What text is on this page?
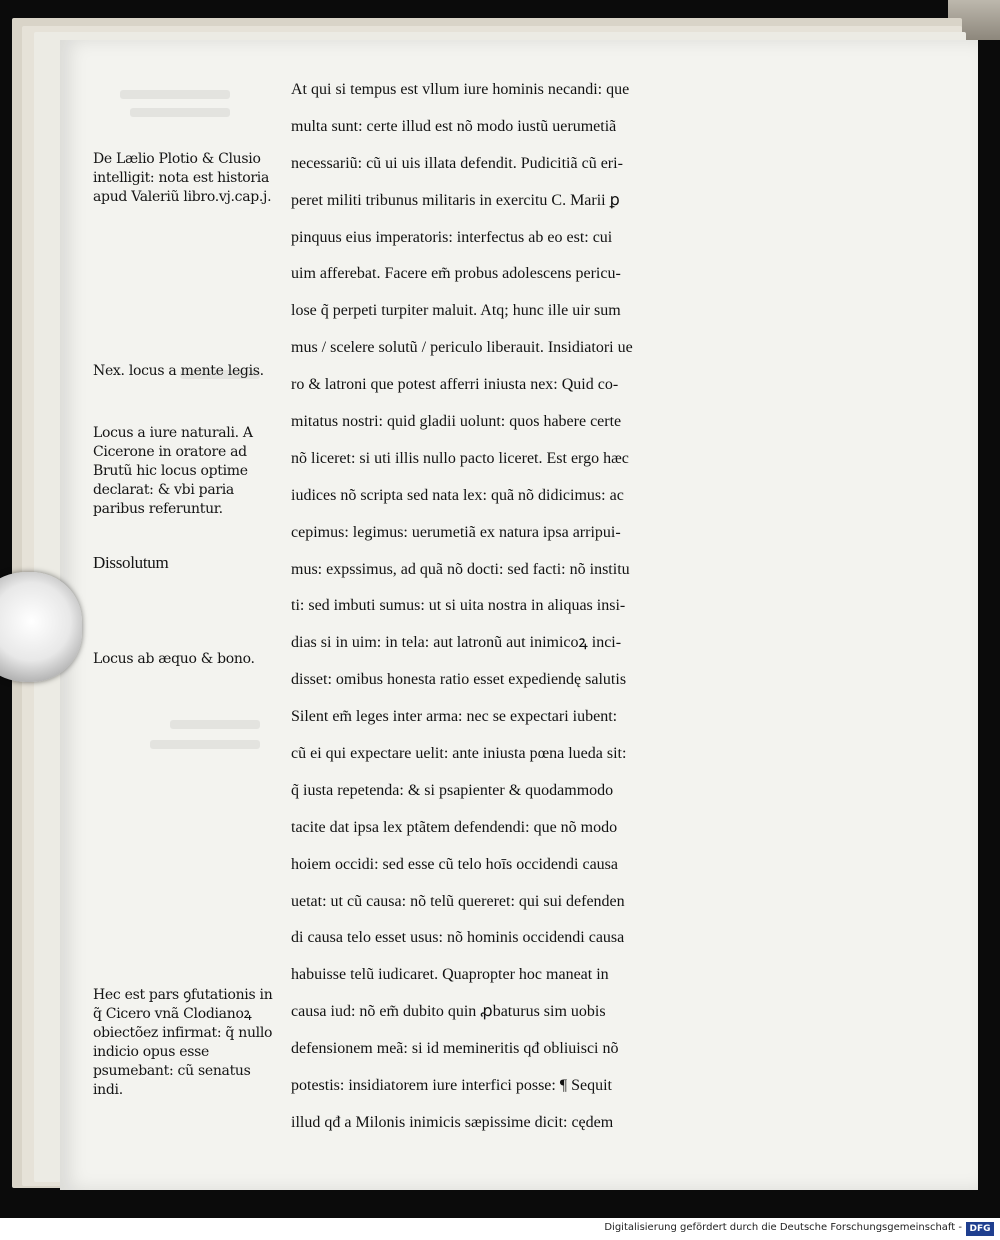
De Lælio Plotio & Clusio intelligit: nota est historia apud Valeriũ libro.vj.cap.j.
Nex. locus a mente legis.
Locus a iure naturali. A Cicerone in oratore ad Brutũ hic locus optime declarat: & vbi paria paribus referuntur.
Dissolutum
Locus ab æquo & bono.
Hec est pars ꝯfutationis in q̃ Cicero vnã Clodianoꝝ obiectõez infirmat: q̃ nullo indicio opus esse psumebant: cũ senatus indi.
At qui si tempus est vllum iure hominis necandi: que
multa sunt: certe illud est nõ modo iustũ uerumetiã
necessariũ: cũ ui uis illata defendit. Pudicitiã cũ eri-
peret militi tribunus militaris in exercitu C. Marii ꝑ
pinquus eius imperatoris: interfectus ab eo est: cui
uim afferebat. Facere em̃ probus adolescens pericu-
lose q̃ perpeti turpiter maluit. Atq; hunc ille uir sum
mus / scelere solutũ / periculo liberauit. Insidiatori ue
ro & latroni que potest afferri iniusta nex: Quid co-
mitatus nostri: quid gladii uolunt: quos habere certe
nõ liceret: si uti illis nullo pacto liceret. Est ergo hæc
iudices nõ scripta sed nata lex: quã nõ didicimus: ac
cepimus: legimus: uerumetiã ex natura ipsa arripui-
mus: expssimus, ad quã nõ docti: sed facti: nõ institu
ti: sed imbuti sumus: ut si uita nostra in aliquas insi-
dias si in uim: in tela: aut latronũ aut inimicoꝝ inci-
disset: omibus honesta ratio esset expediendę salutis
Silent em̃ leges inter arma: nec se expectari iubent:
cũ ei qui expectare uelit: ante iniusta pœna lueda sit:
q̃ iusta repetenda: & si psapienter & quodammodo
tacite dat ipsa lex ptãtem defendendi: que nõ modo
hoiem occidi: sed esse cũ telo hoīs occidendi causa
uetat: ut cũ causa: nõ telũ quereret: qui sui defenden
di causa telo esset usus: nõ hominis occidendi causa
habuisse telũ iudicaret. Quapropter hoc maneat in
causa iud: nõ em̃ dubito quin ꝓbaturus sim uobis
defensionem meã: si id memineritis qđ obliuisci nõ
potestis: insidiatorem iure interfici posse: ¶ Sequit
illud qđ a Milonis inimicis sæpissime dicit: cędem
Digitalisierung gefördert durch die Deutsche Forschungsgemeinschaft - DFG
